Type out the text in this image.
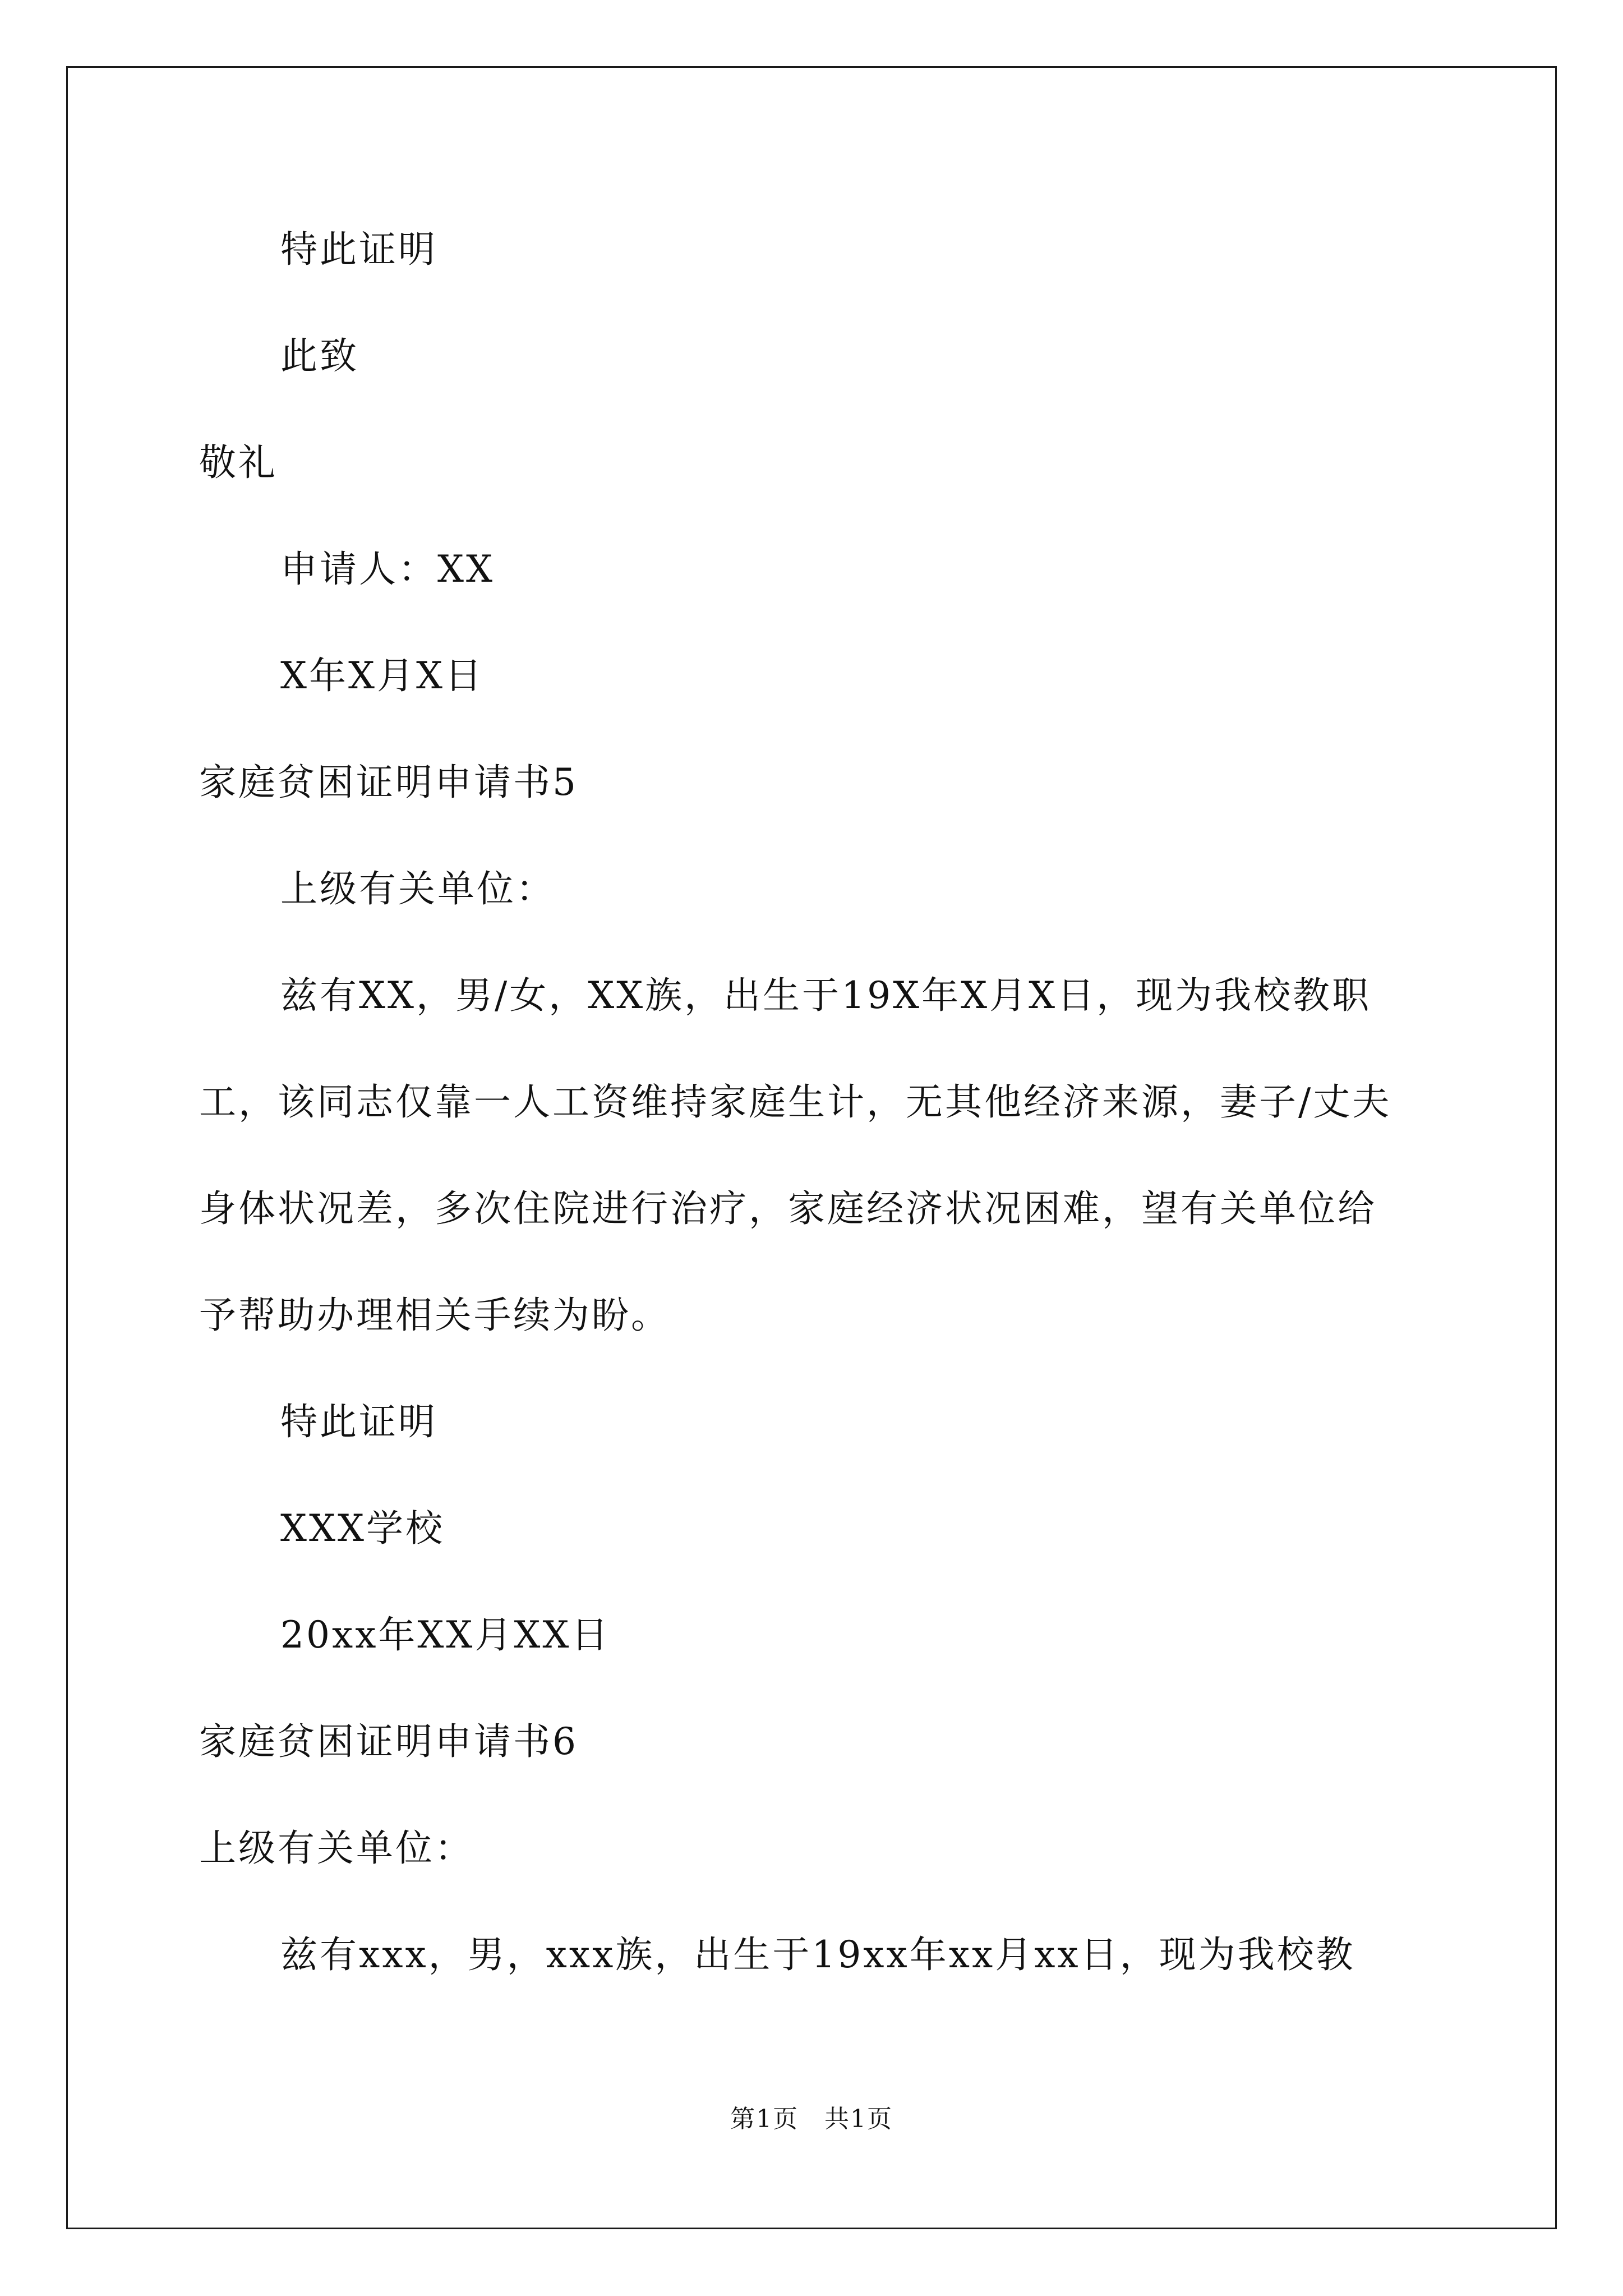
特此证明
此致
敬礼
申请人：XX
X年X月X日
家庭贫困证明申请书5
上级有关单位：
兹有XX，男/女，XX族，出生于19X年X月X日，现为我校教职
工，该同志仅靠一人工资维持家庭生计，无其他经济来源，妻子/丈夫
身体状况差，多次住院进行治疗，家庭经济状况困难，望有关单位给
予帮助办理相关手续为盼。
特此证明
XXX学校
20xx年XX月XX日
家庭贫困证明申请书6
上级有关单位：
兹有xxx，男，xxx族，出生于19xx年xx月xx日，现为我校教
第1页　共1页
